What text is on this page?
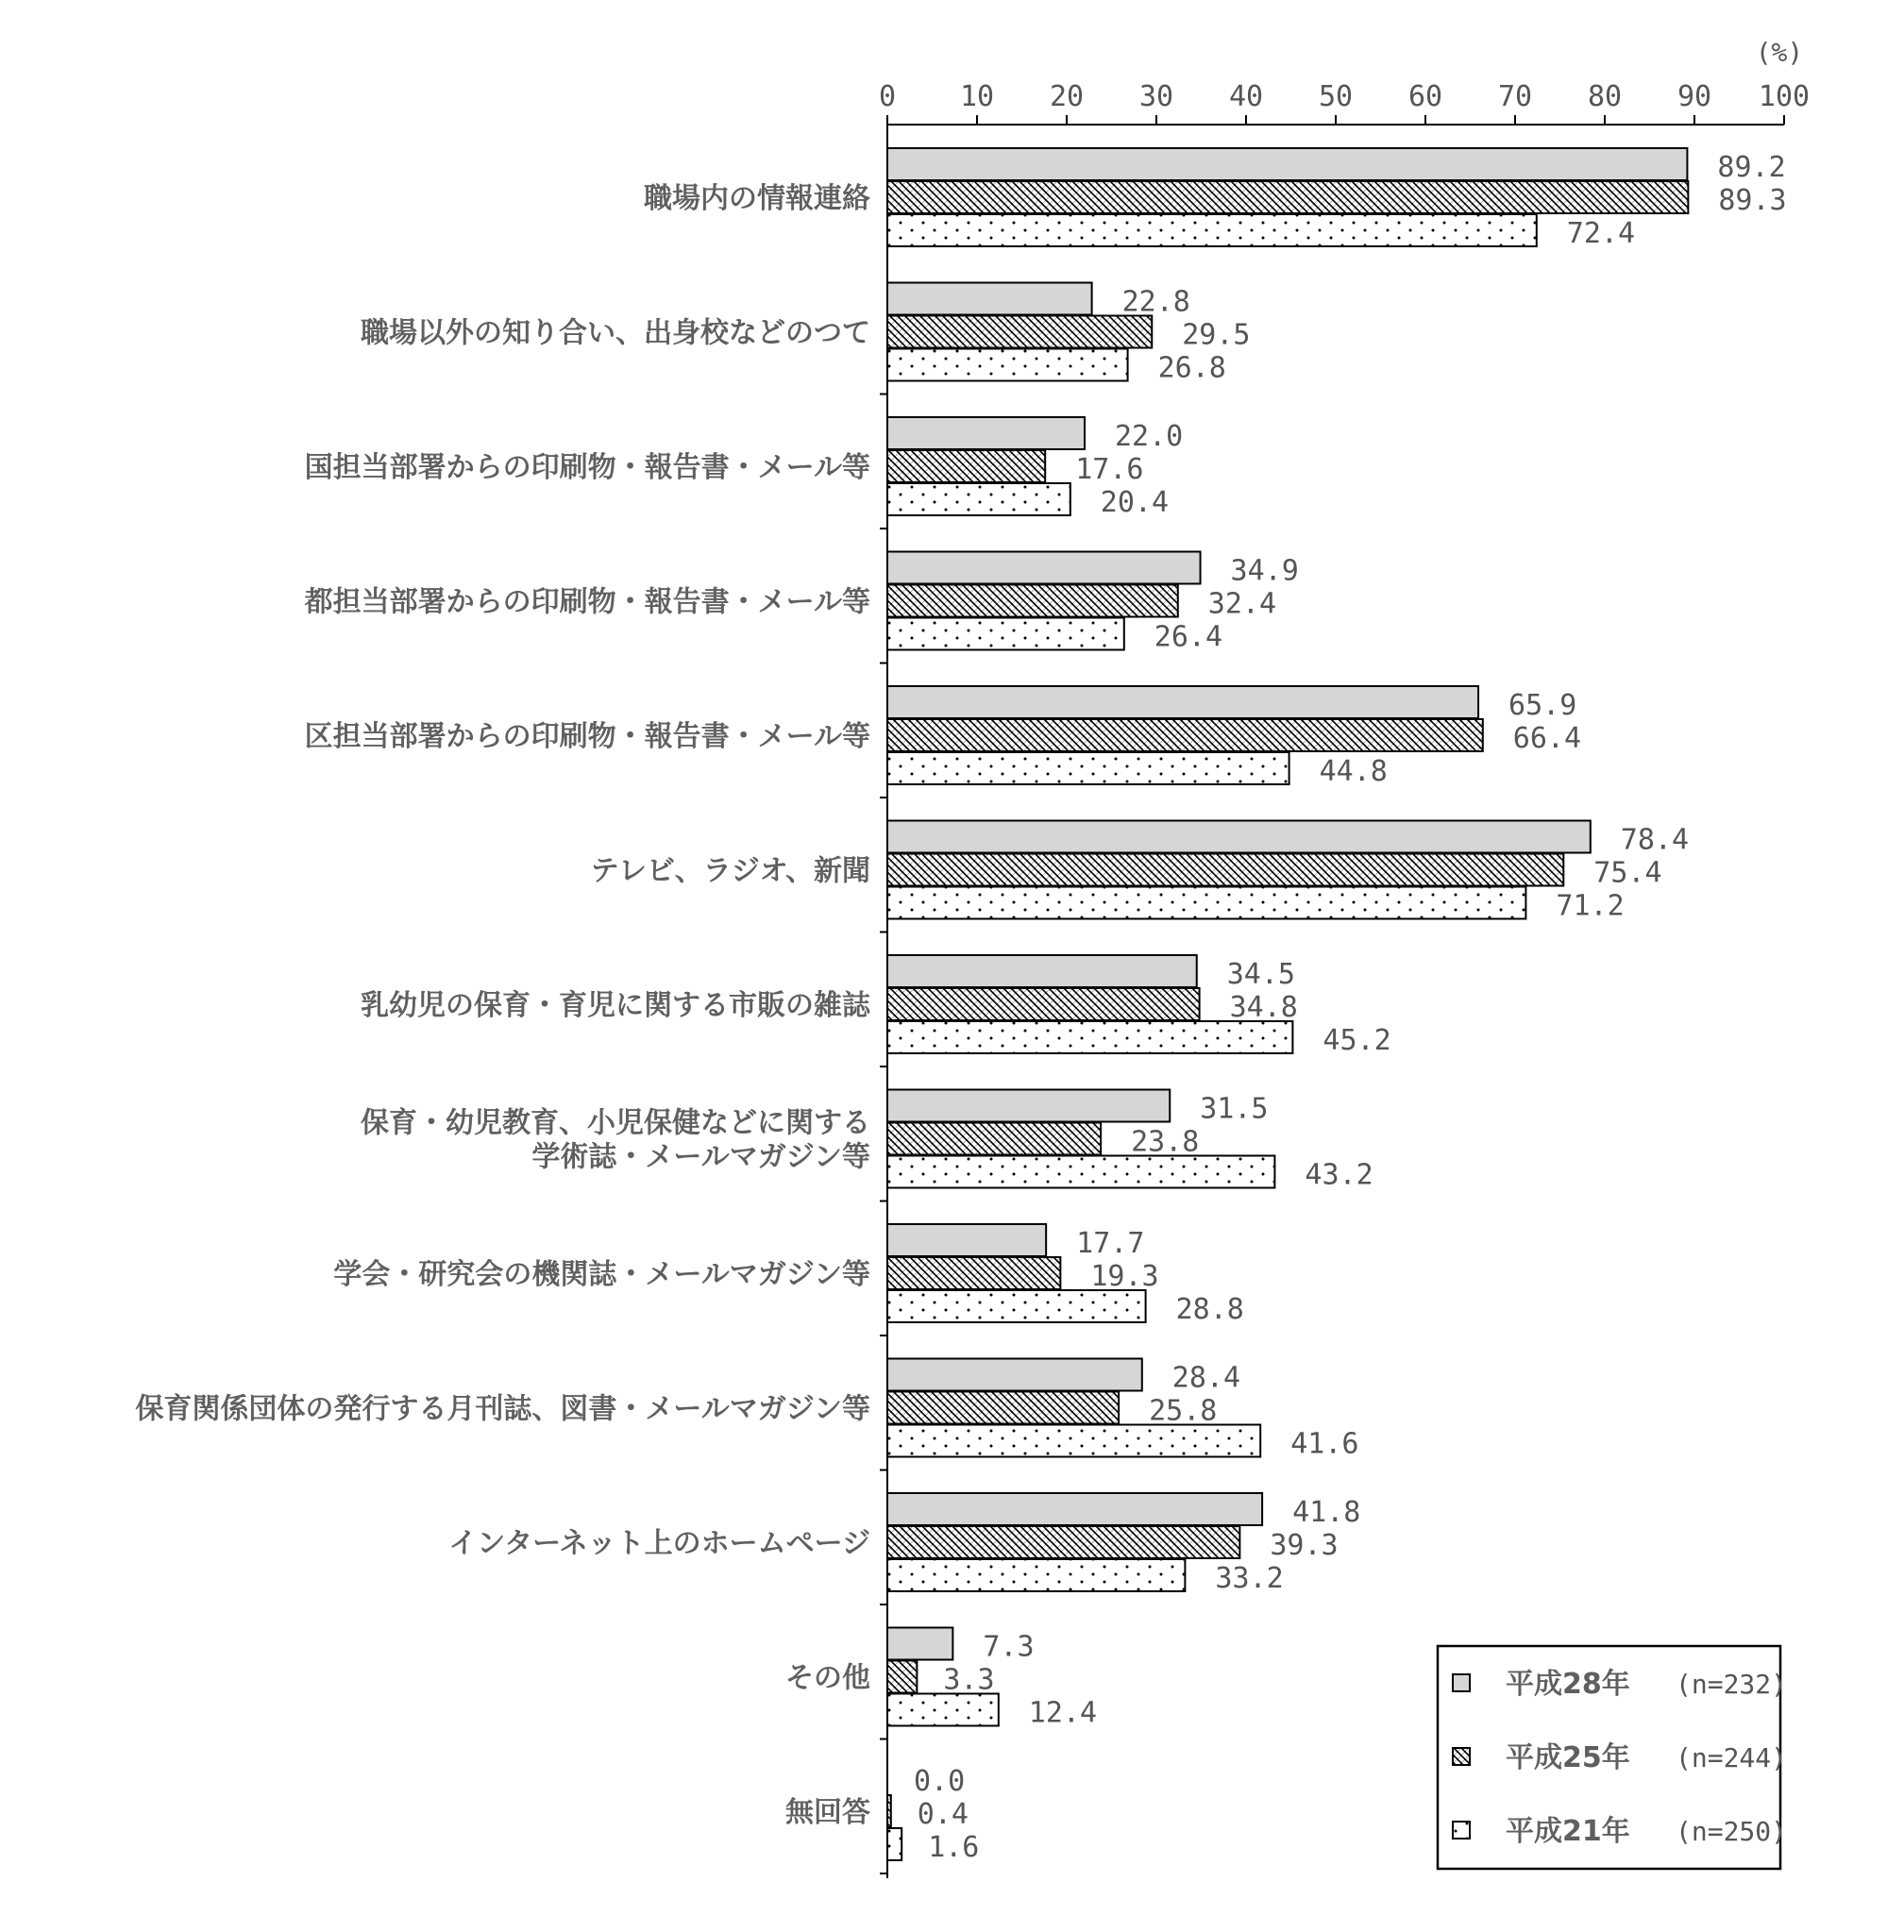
(%)
0 10 20 30 40 50 60 70 80 90 100
職場内の情報連絡
89.2
89.3
72.4
職場以外の知り合い、出身校などのつて
22.8
29.5
26.8
国担当部署からの印刷物・報告書・メール等
22.0
17.6
20.4
都担当部署からの印刷物・報告書・メール等
34.9
32.4
26.4
区担当部署からの印刷物・報告書・メール等
65.9
66.4
44.8
テレビ、ラジオ、新聞
78.4
75.4
71.2
乳幼児の保育・育児に関する市販の雑誌
34.5
34.8
45.2
保育・幼児教育、小児保健などに関する
学術誌・メールマガジン等
31.5
23.8
43.2
学会・研究会の機関誌・メールマガジン等
17.7
19.3
28.8
保育関係団体の発行する月刊誌、図書・メールマガジン等
28.4
25.8
41.6
インターネット上のホームページ
41.8
39.3
33.2
その他
7.3
3.3
12.4
無回答
0.0
0.4
1.6
平成28年 (n=232)
平成25年 (n=244)
平成21年 (n=250)
